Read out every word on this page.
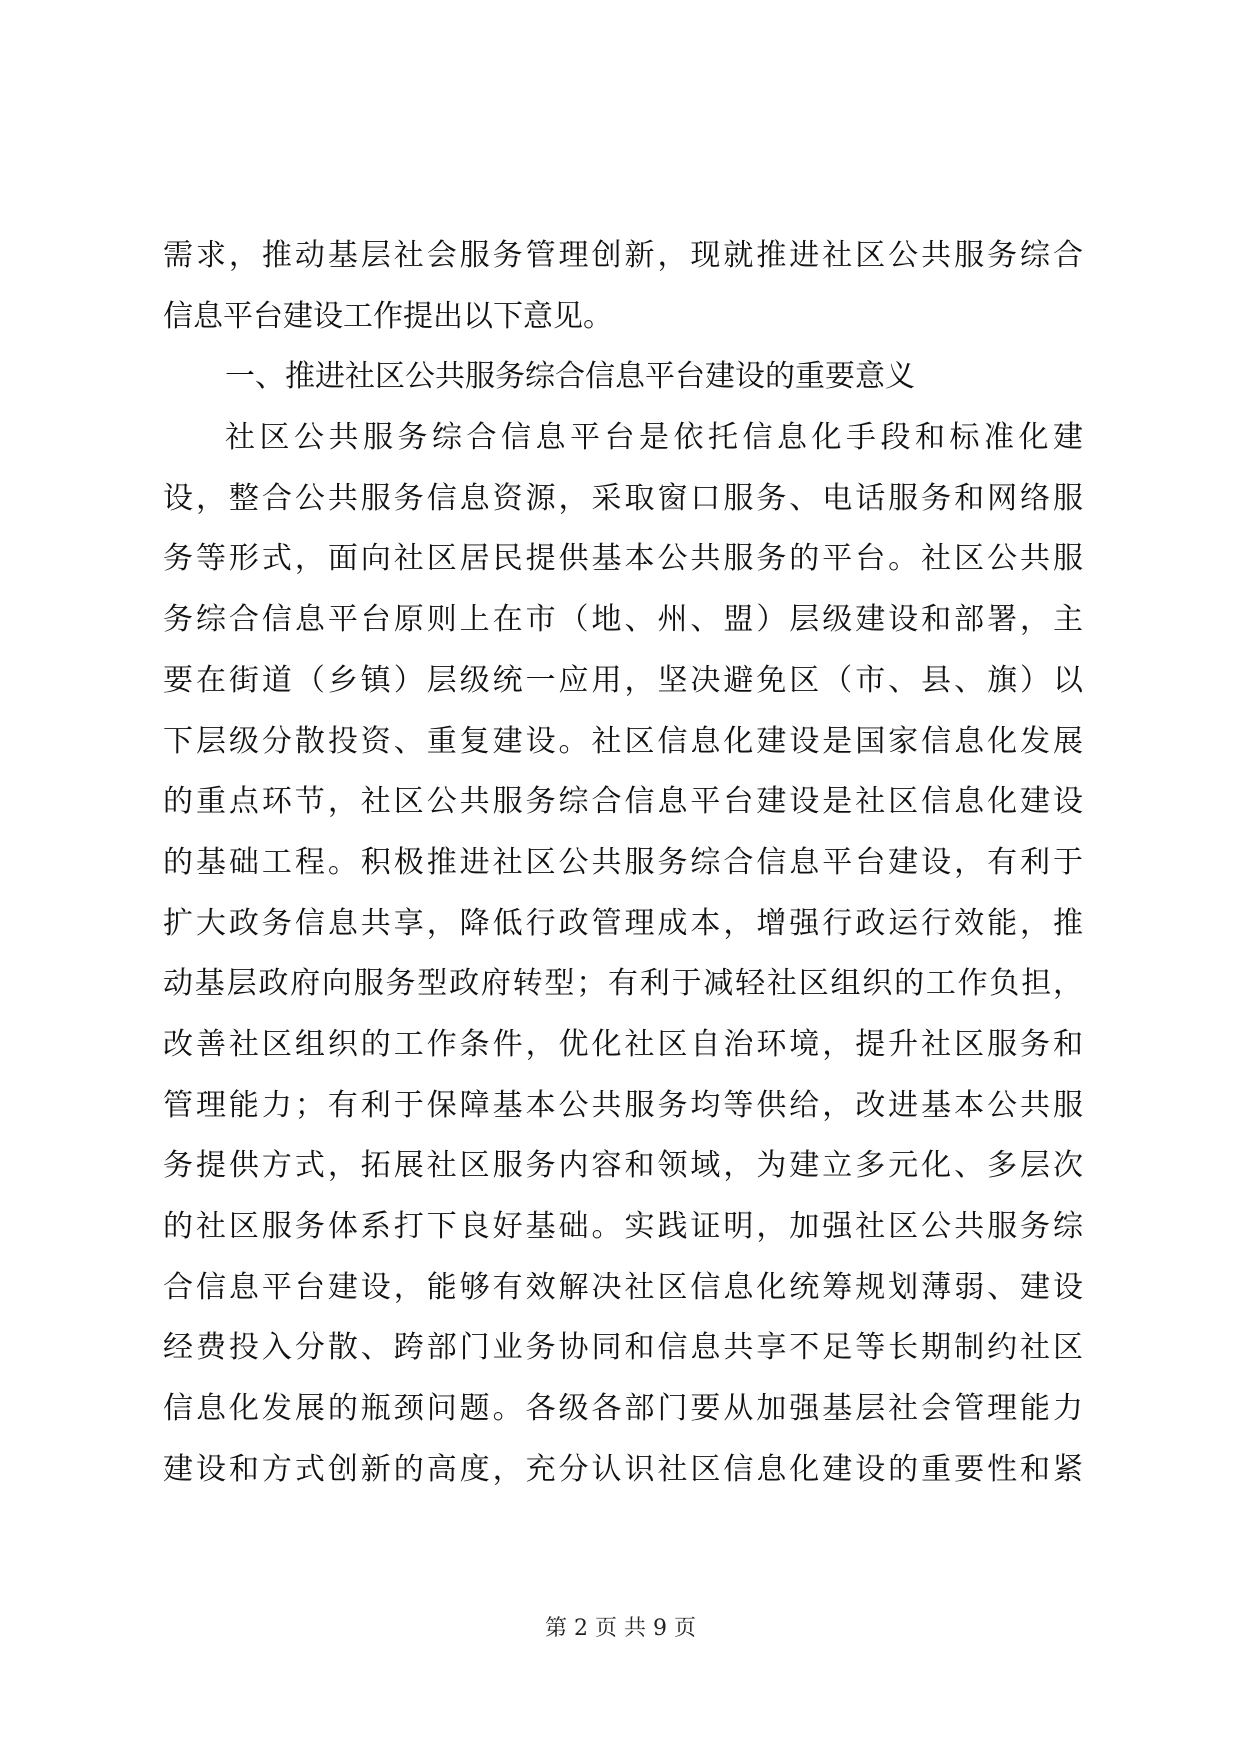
需求，推动基层社会服务管理创新，现就推进社区公共服务综合
信息平台建设工作提出以下意见。
一、推进社区公共服务综合信息平台建设的重要意义
社区公共服务综合信息平台是依托信息化手段和标准化建
设，整合公共服务信息资源，采取窗口服务、电话服务和网络服
务等形式，面向社区居民提供基本公共服务的平台。社区公共服
务综合信息平台原则上在市（地、州、盟）层级建设和部署，主
要在街道（乡镇）层级统一应用，坚决避免区（市、县、旗）以
下层级分散投资、重复建设。社区信息化建设是国家信息化发展
的重点环节，社区公共服务综合信息平台建设是社区信息化建设
的基础工程。积极推进社区公共服务综合信息平台建设，有利于
扩大政务信息共享，降低行政管理成本，增强行政运行效能，推
动基层政府向服务型政府转型；有利于减轻社区组织的工作负担，
改善社区组织的工作条件，优化社区自治环境，提升社区服务和
管理能力；有利于保障基本公共服务均等供给，改进基本公共服
务提供方式，拓展社区服务内容和领域，为建立多元化、多层次
的社区服务体系打下良好基础。实践证明，加强社区公共服务综
合信息平台建设，能够有效解决社区信息化统筹规划薄弱、建设
经费投入分散、跨部门业务协同和信息共享不足等长期制约社区
信息化发展的瓶颈问题。各级各部门要从加强基层社会管理能力
建设和方式创新的高度，充分认识社区信息化建设的重要性和紧
第 2 页 共 9 页
